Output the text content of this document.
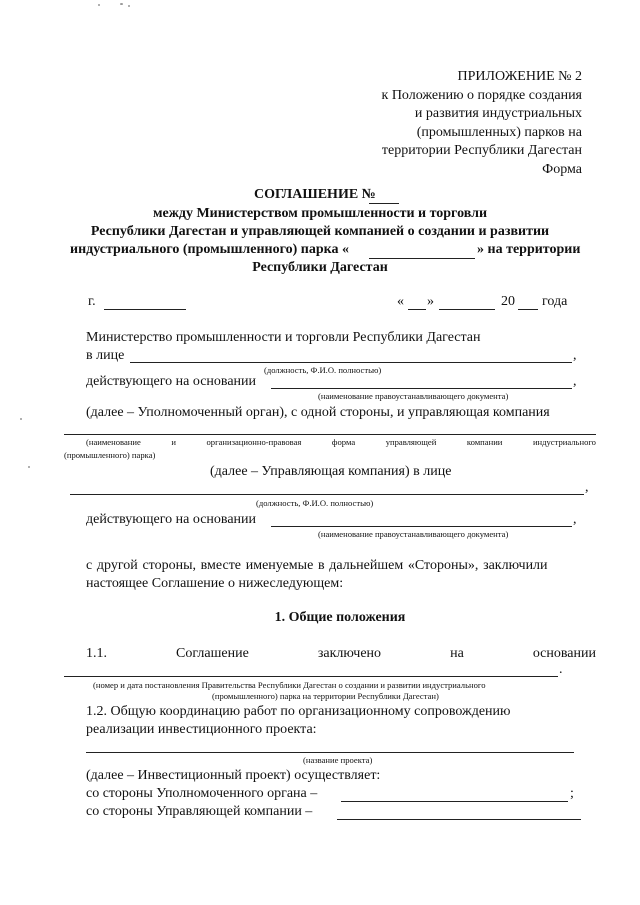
ПРИЛОЖЕНИЕ № 2
к Положению о порядке создания
и развития индустриальных
(промышленных) парков на
территории Республики Дагестан
Форма
СОГЛАШЕНИЕ №
между Министерством промышленности и торговли
Республики Дагестан и управляющей компанией о создании и развитии
индустриального (промышленного) парка «	» на территории
Республики Дагестан
г.	« »	20 года
Министерство промышленности и торговли Республики Дагестан
в лице	,
(должность, Ф.И.О. полностью)
действующего на основании	,
(наименование правоустанавливающего документа)
(далее – Уполномоченный орган), с одной стороны, и управляющая компания
(наименование	и	организационно-правовая	форма	управляющей	компании	индустриального
(промышленного) парка)
(далее – Управляющая компания) в лице
,
(должность, Ф.И.О. полностью)
действующего на основании	,
(наименование правоустанавливающего документа)
с другой стороны, вместе именуемые в дальнейшем «Стороны», заключили
настоящее Соглашение о нижеследующем:
1. Общие положения
1.1.	Соглашение	заключено	на	основании
.
(номер и дата постановления Правительства Республики Дагестан о создании и развитии индустриального
(промышленного) парка на территории Республики Дагестан)
1.2. Общую координацию работ по организационному сопровождению
реализации инвестиционного проекта:
(название проекта)
(далее – Инвестиционный проект) осуществляет:
со стороны Уполномоченного органа –	;
со стороны Управляющей компании –
